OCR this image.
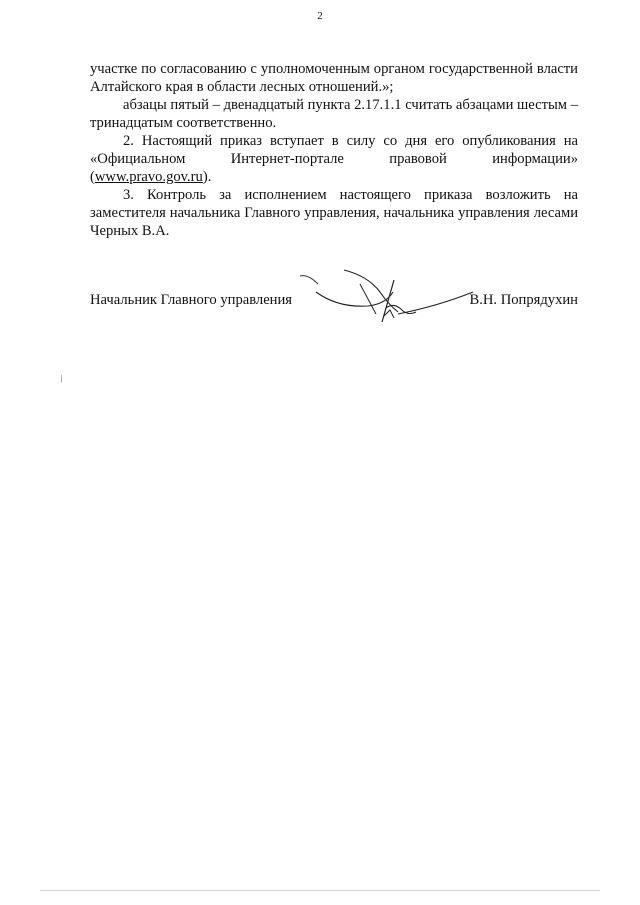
2

участке по согласованию с уполномоченным органом государственной власти Алтайского края в области лесных отношений.»;

абзацы пятый – двенадцатый пункта 2.17.1.1 считать абзацами шестым – тринадцатым соответственно.

2. Настоящий приказ вступает в силу со дня его опубликования на
«Официальном Интернет-портале правовой информации»
(www.pravo.gov.ru).

3. Контроль за исполнением настоящего приказа возложить на заместителя начальника Главного управления, начальника управления лесами Черных В.А.

Начальник Главного управления	В.Н. Попрядухин
